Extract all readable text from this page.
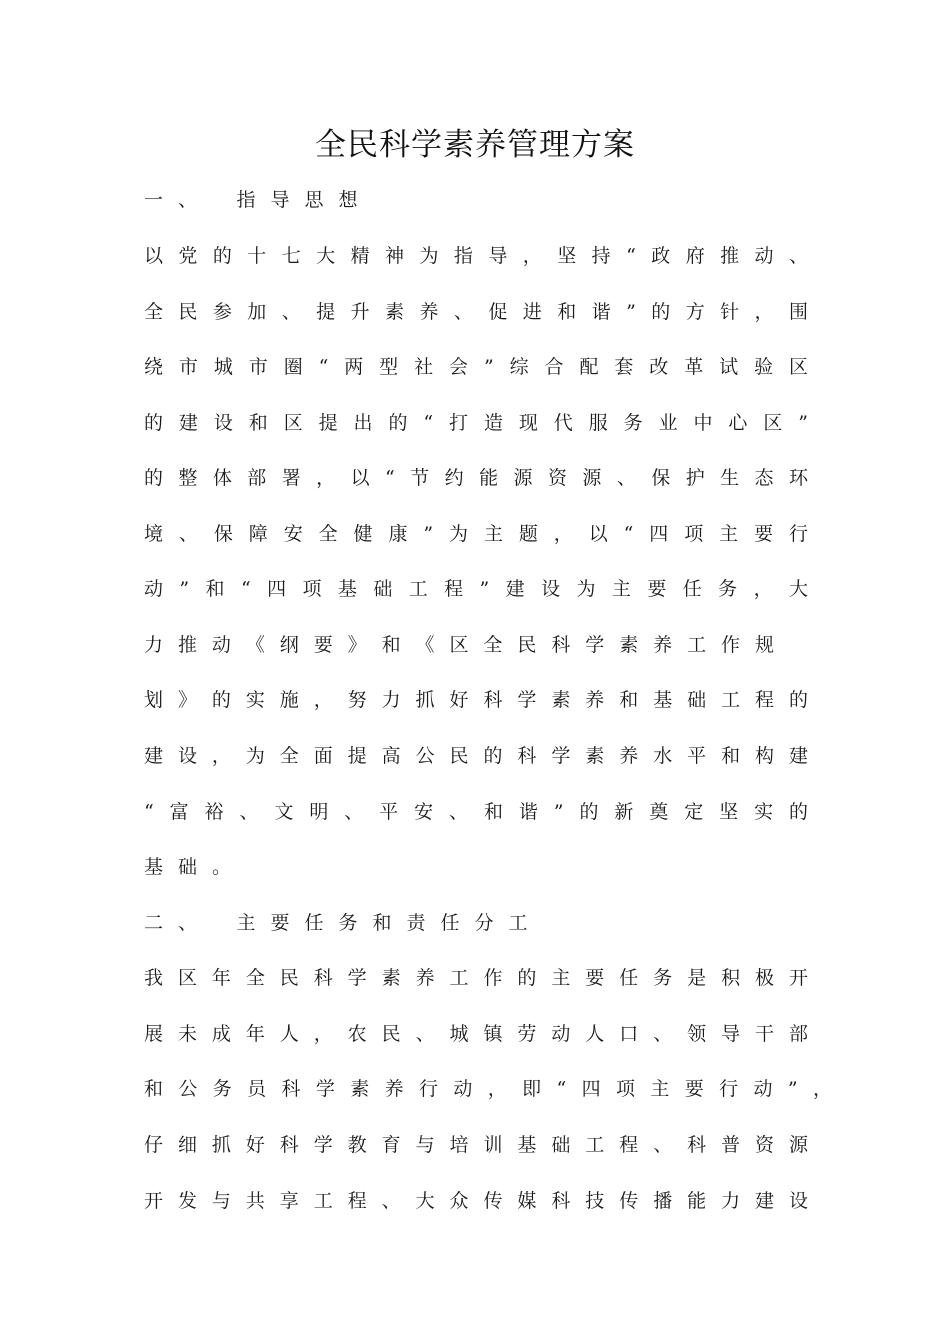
全民科学素养管理方案
一、　指导思想
以党的十七大精神为指导，坚持“政府推动、
全民参加、提升素养、促进和谐”的方针，围
绕市城市圈“两型社会”综合配套改革试验区
的建设和区提出的“打造现代服务业中心区”
的整体部署，以“节约能源资源、保护生态环
境、保障安全健康”为主题，以“四项主要行
动”和“四项基础工程”建设为主要任务，大
力推动《纲要》和《区全民科学素养工作规
划》的实施，努力抓好科学素养和基础工程的
建设，为全面提高公民的科学素养水平和构建
“富裕、文明、平安、和谐”的新奠定坚实的
基础。
二、　主要任务和责任分工
我区年全民科学素养工作的主要任务是积极开
展未成年人，农民、城镇劳动人口、领导干部
和公务员科学素养行动，即“四项主要行动”，
仔细抓好科学教育与培训基础工程、科普资源
开发与共享工程、大众传媒科技传播能力建设
